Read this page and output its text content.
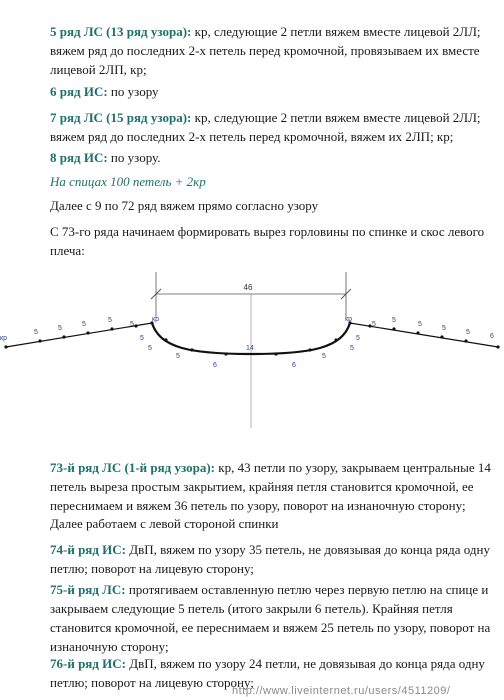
5 ряд ЛС (13 ряд узора): кр, следующие 2 петли вяжем вместе лицевой 2ЛЛ; вяжем ряд до последних 2-х петель перед кромочной, провязываем их вместе лицевой 2ЛП, кр;

6 ряд ИС: по узору

7 ряд ЛС (15 ряд узора): кр, следующие 2 петли вяжем вместе лицевой 2ЛЛ; вяжем ряд до последних 2-х петель перед кромочной, вяжем их 2ЛП; кр;

8 ряд ИС: по узору.

На спицах 100 петель + 2кр

Далее с 9 по 72 ряд вяжем прямо согласно узору

С 73-го ряда начинаем формировать вырез горловины по спинке и скос левого плеча:

46
кр
5
5
5
5
5
кр
5
5
5
6
14
6
5
5
5
кр
5
5
5
5
5
6

73-й ряд ЛС (1-й ряд узора): кр, 43 петли по узору, закрываем центральные 14 петель выреза простым закрытием, крайняя петля становится кромочной, ее переснимаем и вяжем 36 петель по узору, поворот на изнаночную сторону;

Далее работаем с левой стороной спинки

74-й ряд ИС: ДвП, вяжем по узору 35 петель, не довязывая до конца ряда одну петлю; поворот на лицевую сторону;

75-й ряд ЛС: протягиваем оставленную петлю через первую петлю на спице и закрываем следующие 5 петель (итого закрыли 6 петель). Крайняя петля становится кромочной, ее переснимаем и вяжем 25 петель по узору, поворот на изнаночную сторону;

76-й ряд ИС: ДвП, вяжем по узору 24 петли, не довязывая до конца ряда одну петлю; поворот на лицевую сторону;

http://www.liveinternet.ru/users/4511209/
